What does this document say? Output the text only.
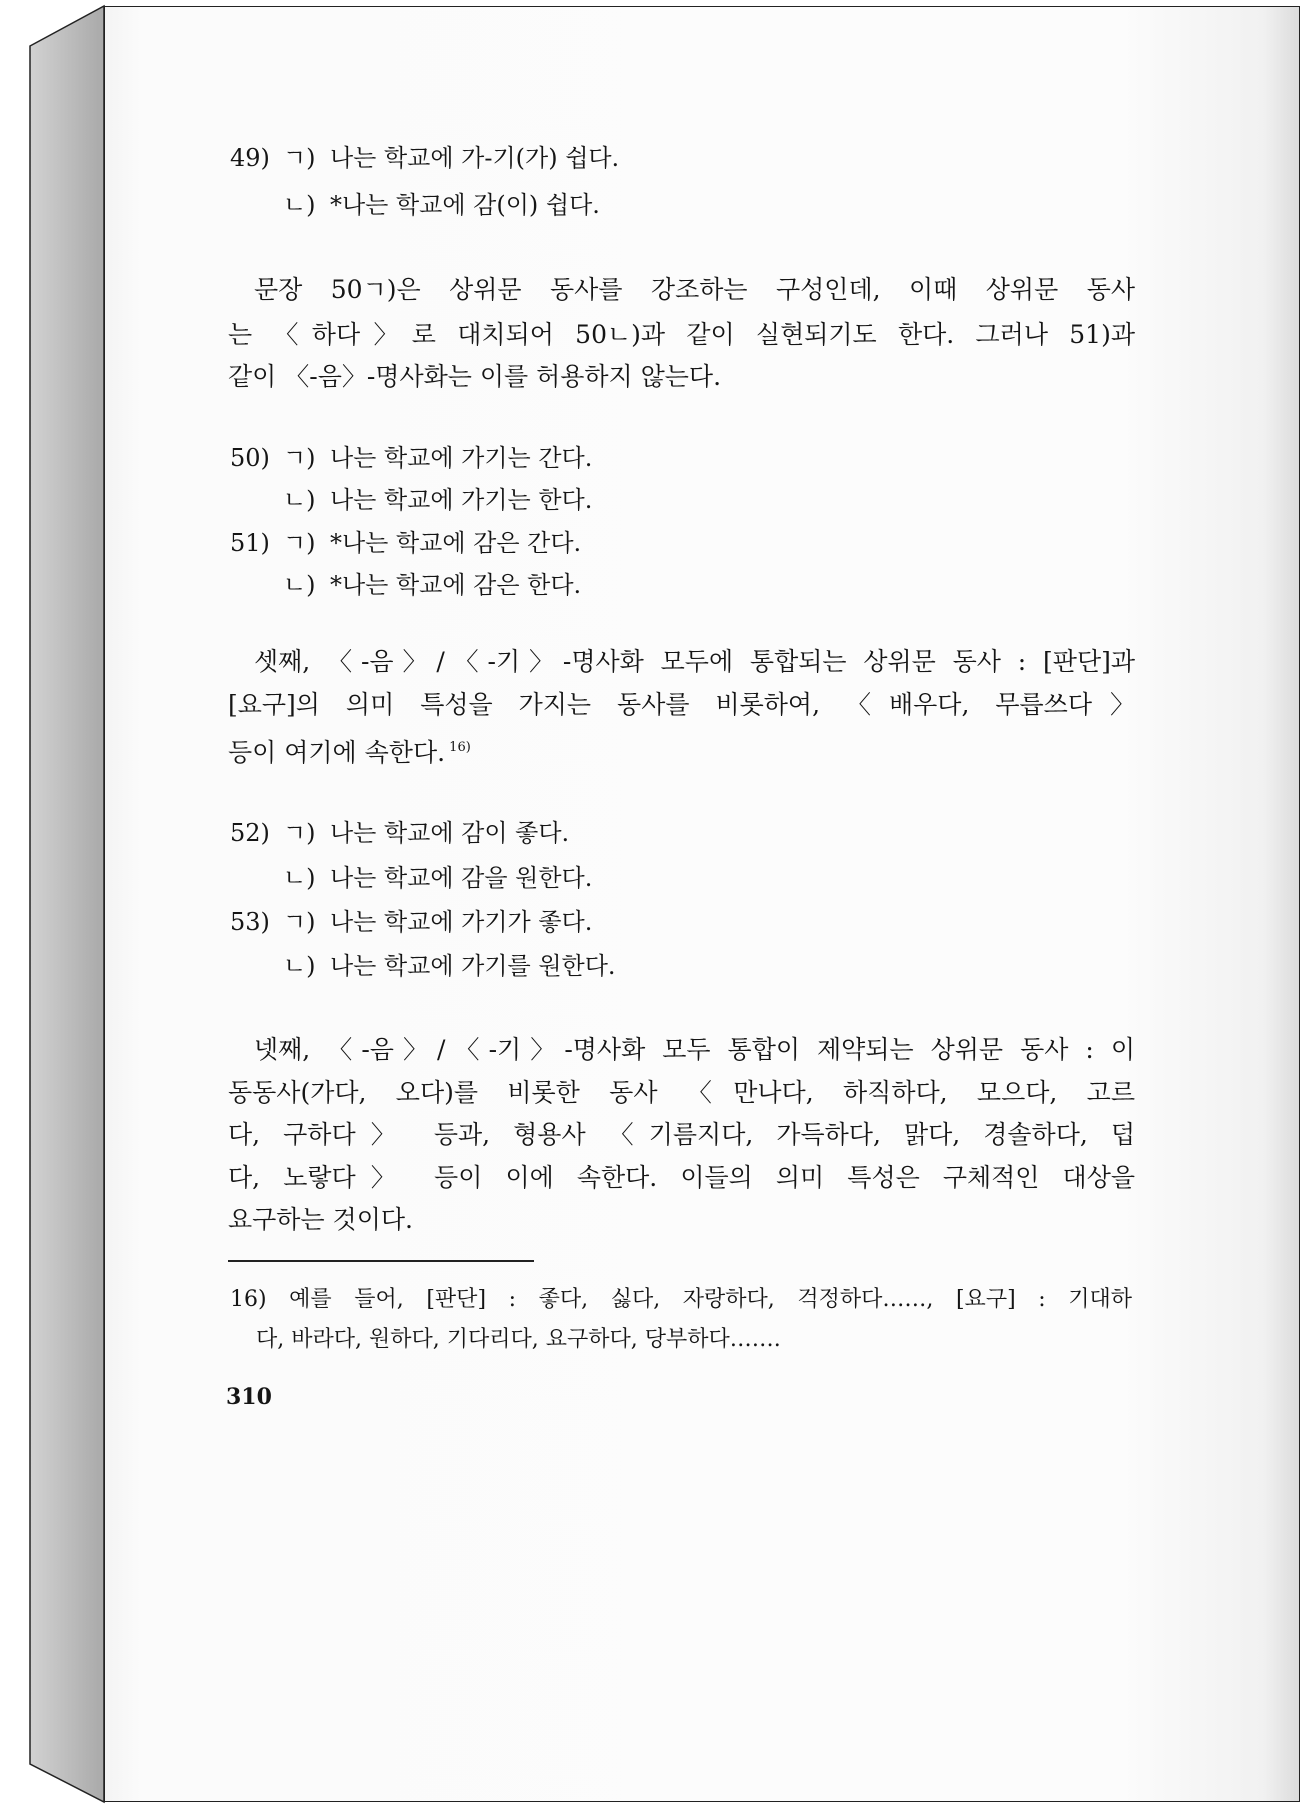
49) ㄱ) 나는 학교에 가-기(가) 쉽다.
ㄴ) *나는 학교에 감(이) 쉽다.
문장 50ㄱ)은 상위문 동사를 강조하는 구성인데, 이때 상위문 동사
는 〈하다〉로 대치되어 50ㄴ)과 같이 실현되기도 한다. 그러나 51)과
같이 〈-음〉-명사화는 이를 허용하지 않는다.
50) ㄱ) 나는 학교에 가기는 간다.
ㄴ) 나는 학교에 가기는 한다.
51) ㄱ) *나는 학교에 감은 간다.
ㄴ) *나는 학교에 감은 한다.
셋째, 〈-음〉/〈-기〉-명사화 모두에 통합되는 상위문 동사 : [판단]과
[요구]의 의미 특성을 가지는 동사를 비롯하여, 〈배우다, 무릅쓰다〉
등이 여기에 속한다. $^{16)}$
52) ㄱ) 나는 학교에 감이 좋다.
ㄴ) 나는 학교에 감을 원한다.
53) ㄱ) 나는 학교에 가기가 좋다.
ㄴ) 나는 학교에 가기를 원한다.
넷째, 〈-음〉/〈-기〉-명사화 모두 통합이 제약되는 상위문 동사 : 이
동동사(가다, 오다)를 비롯한 동사 〈만나다, 하직하다, 모으다, 고르
다, 구하다〉 등과, 형용사 〈기름지다, 가득하다, 맑다, 경솔하다, 덥
다, 노랗다〉 등이 이에 속한다. 이들의 의미 특성은 구체적인 대상을
요구하는 것이다.
16) 예를 들어, [판단] : 좋다, 싫다, 자랑하다, 걱정하다……, [요구] : 기대하
다, 바라다, 원하다, 기다리다, 요구하다, 당부하다…….
310
